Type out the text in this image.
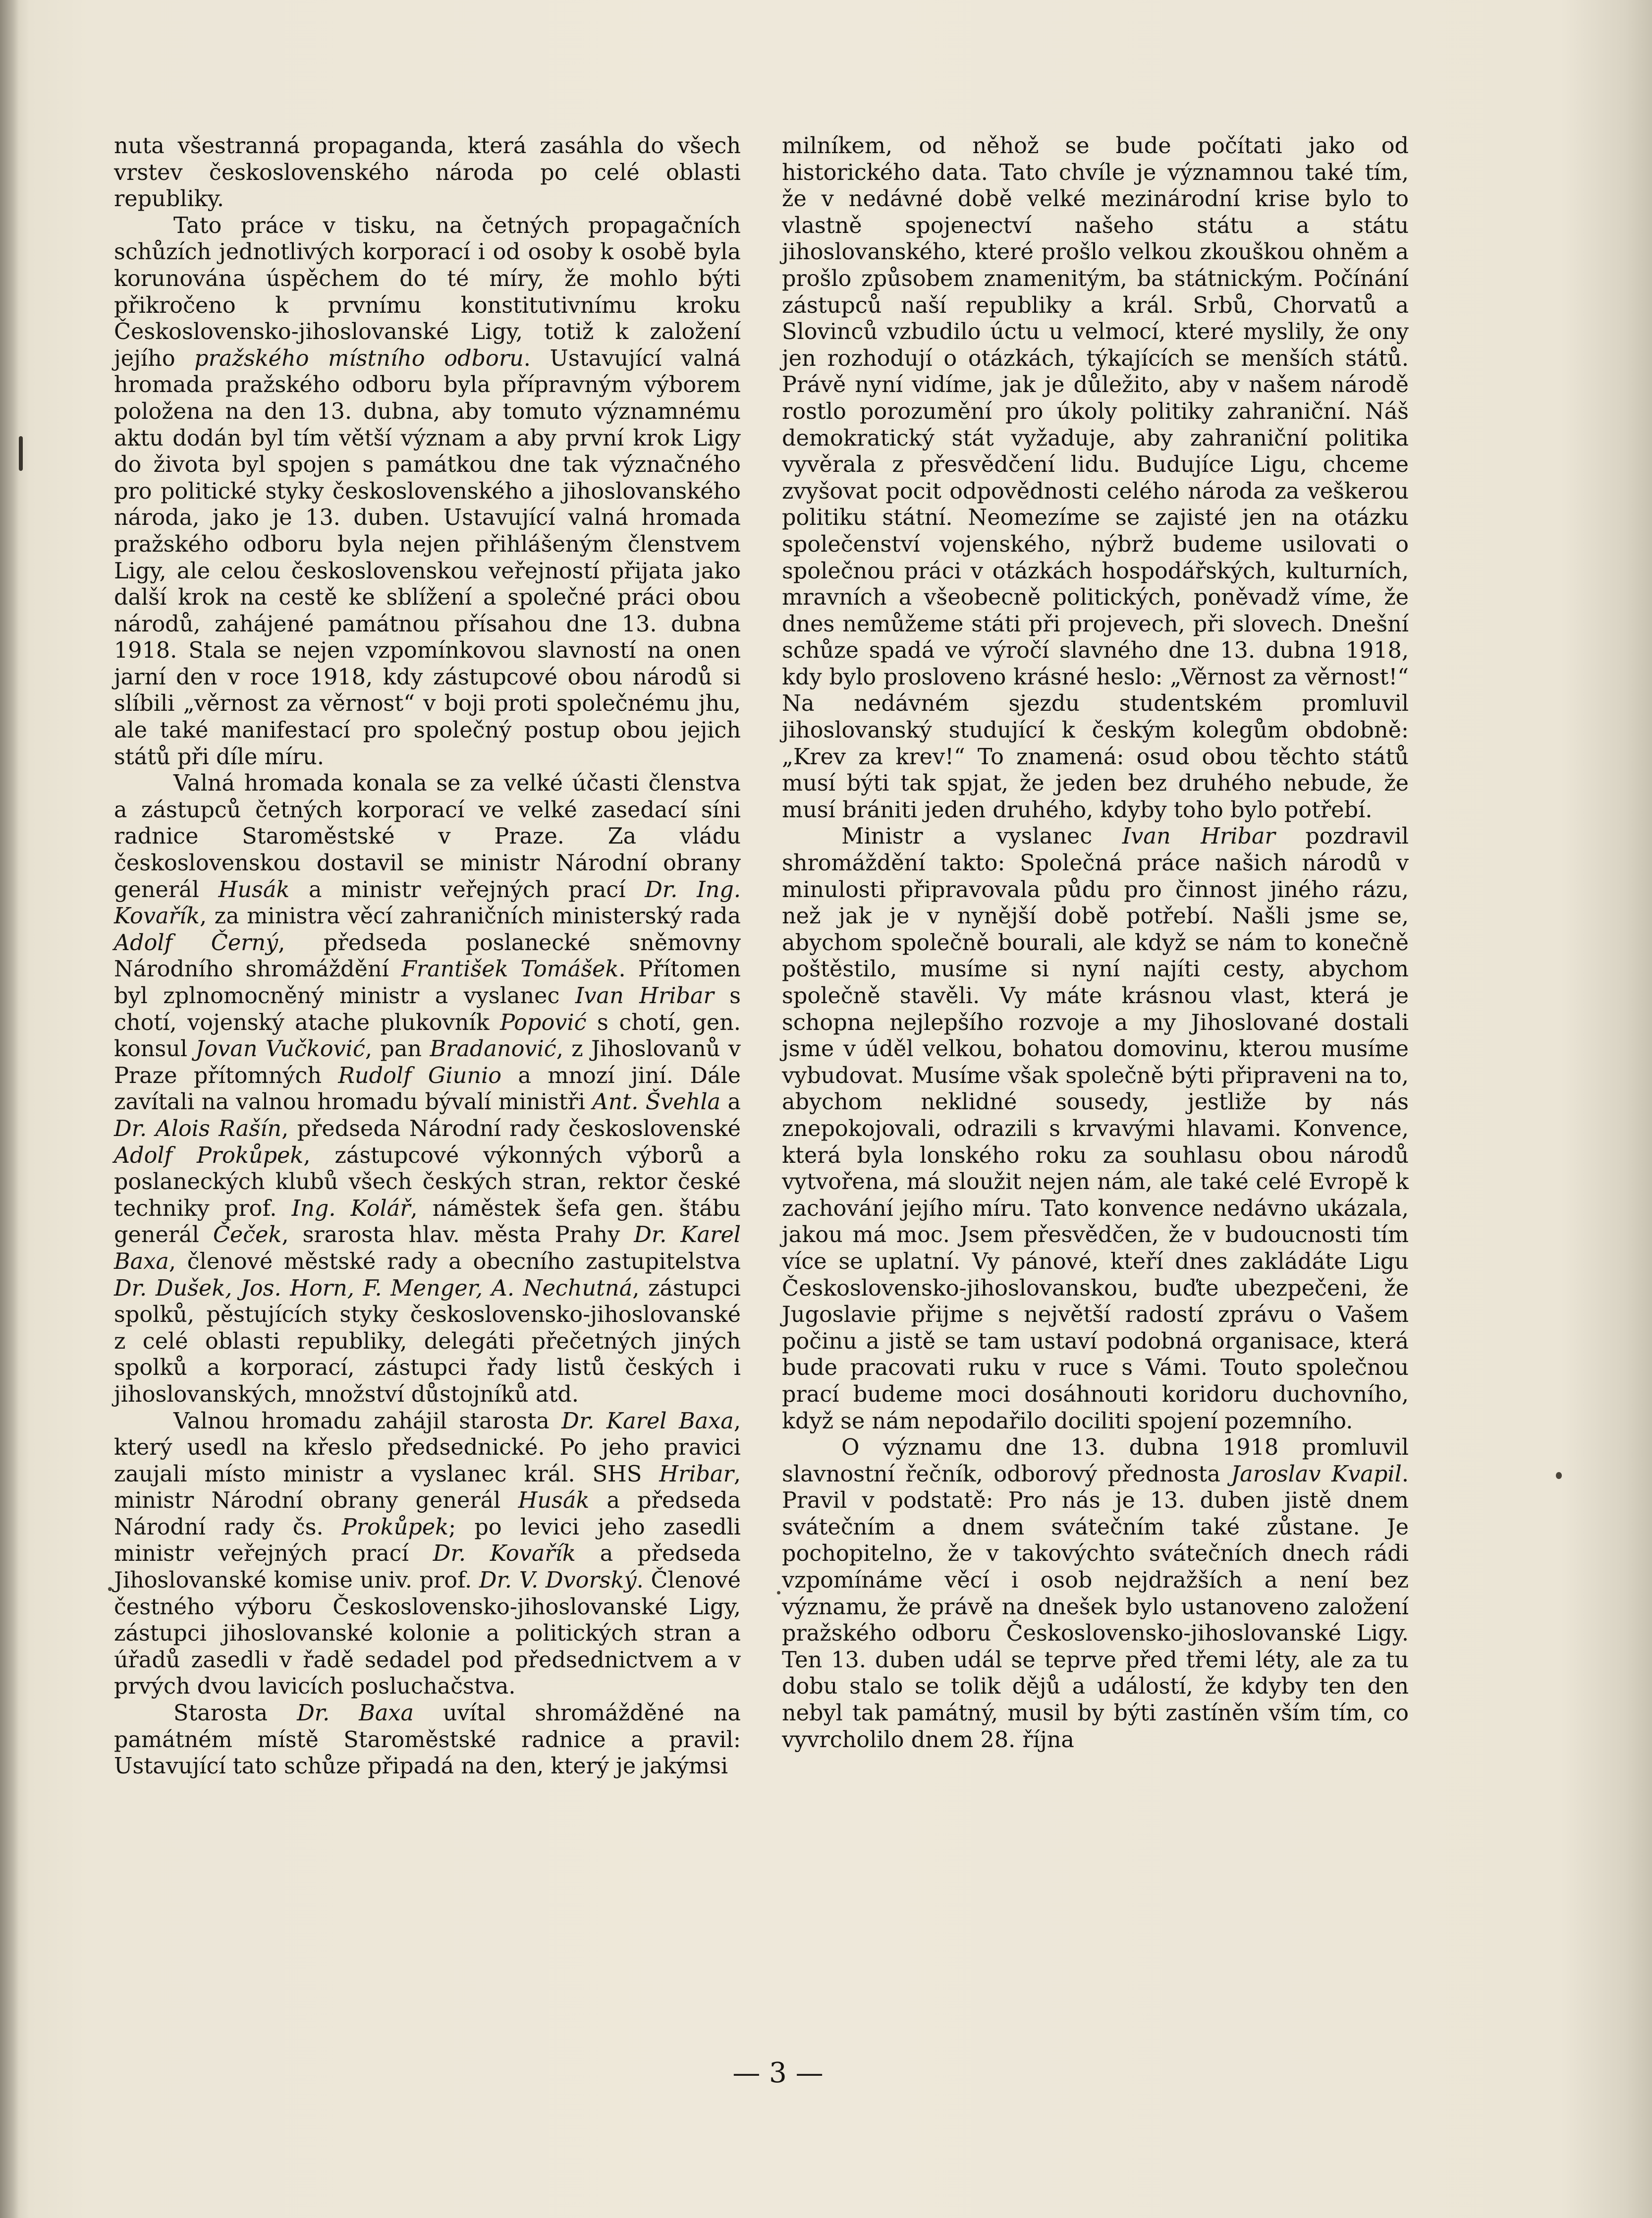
nuta všestranná propaganda, která zasáhla do všech vrstev československého národa po celé oblasti republiky.

Tato práce v tisku, na četných propagačních schůzích jednotlivých korporací i od osoby k osobě byla korunována úspěchem do té míry, že mohlo býti přikročeno k prvnímu konstitutivnímu kroku Československo-jihoslovanské Ligy, totiž k založení jejího pražského místního odboru. Ustavující valná hromada pražského odboru byla přípravným výborem položena na den 13. dubna, aby tomuto významnému aktu dodán byl tím větší význam a aby první krok Ligy do života byl spojen s památkou dne tak význačného pro politické styky československého a jihoslovanského národa, jako je 13. duben. Ustavující valná hromada pražského odboru byla nejen přihlášeným členstvem Ligy, ale celou československou veřejností přijata jako další krok na cestě ke sblížení a společné práci obou národů, zahájené památnou přísahou dne 13. dubna 1918. Stala se nejen vzpomínkovou slavností na onen jarní den v roce 1918, kdy zástupcové obou národů si slíbili „věrnost za věrnost“ v boji proti společnému jhu, ale také manifestací pro společný postup obou jejich států při díle míru.

Valná hromada konala se za velké účasti členstva a zástupců četných korporací ve velké zasedací síni radnice Staroměstské v Praze. Za vládu československou dostavil se ministr Národní obrany generál Husák a ministr veřejných prací Dr. Ing. Kovařík, za ministra věcí zahraničních ministerský rada Adolf Černý, předseda poslanecké sněmovny Národního shromáždění František Tomášek. Přítomen byl zplnomocněný ministr a vyslanec Ivan Hribar s chotí, vojenský atache plukovník Popović s chotí, gen. konsul Jovan Vučković, pan Bradanović, z Jihoslovanů v Praze přítomných Rudolf Giunio a mnozí jiní. Dále zavítali na valnou hromadu bývalí ministři Ant. Švehla a Dr. Alois Rašín, předseda Národní rady československé Adolf Prokůpek, zástupcové výkonných výborů a poslaneckých klubů všech českých stran, rektor české techniky prof. Ing. Kolář, náměstek šefa gen. štábu generál Čeček, srarosta hlav. města Prahy Dr. Karel Baxa, členové městské rady a obecního zastupitelstva Dr. Dušek, Jos. Horn, F. Menger, A. Nechutná, zástupci spolků, pěstujících styky československo-jihoslovanské z celé oblasti republiky, delegáti přečetných jiných spolků a korporací, zástupci řady listů českých i jihoslovanských, množství důstojníků atd.

Valnou hromadu zahájil starosta Dr. Karel Baxa, který usedl na křeslo předsednické. Po jeho pravici zaujali místo ministr a vyslanec král. SHS Hribar, ministr Národní obrany generál Husák a předseda Národní rady čs. Prokůpek; po levici jeho zasedli ministr veřejných prací Dr. Kovařík a předseda Jihoslovanské komise univ. prof. Dr. V. Dvorský. Členové čestného výboru Československo-jihoslovanské Ligy, zástupci jihoslovanské kolonie a politických stran a úřadů zasedli v řadě sedadel pod předsednictvem a v prvých dvou lavicích posluchačstva.

Starosta Dr. Baxa uvítal shromážděné na památném místě Staroměstské radnice a pravil: Ustavující tato schůze připadá na den, který je jakýmsi

milníkem, od něhož se bude počítati jako od historického data. Tato chvíle je významnou také tím, že v nedávné době velké mezinárodní krise bylo to vlastně spojenectví našeho státu a státu jihoslovanského, které prošlo velkou zkouškou ohněm a prošlo způsobem znamenitým, ba státnickým. Počínání zástupců naší republiky a král. Srbů, Chorvatů a Slovinců vzbudilo úctu u velmocí, které myslily, že ony jen rozhodují o otázkách, týkajících se menších států. Právě nyní vidíme, jak je důležito, aby v našem národě rostlo porozumění pro úkoly politiky zahraniční. Náš demokratický stát vyžaduje, aby zahraniční politika vyvěrala z přesvědčení lidu. Budujíce Ligu, chceme zvyšovat pocit odpovědnosti celého národa za veškerou politiku státní. Neomezíme se zajisté jen na otázku společenství vojenského, nýbrž budeme usilovati o společnou práci v otázkách hospodářských, kulturních, mravních a všeobecně politických, poněvadž víme, že dnes nemůžeme státi při projevech, při slovech. Dnešní schůze spadá ve výročí slavného dne 13. dubna 1918, kdy bylo prosloveno krásné heslo: „Věrnost za věrnost!“ Na nedávném sjezdu studentském promluvil jihoslovanský studující k českým kolegům obdobně: „Krev za krev!“ To znamená: osud obou těchto států musí býti tak spjat, že jeden bez druhého nebude, že musí brániti jeden druhého, kdyby toho bylo potřebí.

Ministr a vyslanec Ivan Hribar pozdravil shromáždění takto: Společná práce našich národů v minulosti připravovala půdu pro činnost jiného rázu, než jak je v nynější době potřebí. Našli jsme se, abychom společně bourali, ale když se nám to konečně poštěstilo, musíme si nyní najíti cesty, abychom společně stavěli. Vy máte krásnou vlast, která je schopna nejlepšího rozvoje a my Jihoslované dostali jsme v úděl velkou, bohatou domovinu, kterou musíme vybudovat. Musíme však společně býti připraveni na to, abychom neklidné sousedy, jestliže by nás znepokojovali, odrazili s krvavými hlavami. Konvence, která byla lonského roku za souhlasu obou národů vytvořena, má sloužit nejen nám, ale také celé Evropě k zachování jejího míru. Tato konvence nedávno ukázala, jakou má moc. Jsem přesvědčen, že v budoucnosti tím více se uplatní. Vy pánové, kteří dnes zakládáte Ligu Československo-jihoslovanskou, buďte ubezpečeni, že Jugoslavie přijme s největší radostí zprávu o Vašem počinu a jistě se tam ustaví podobná organisace, která bude pracovati ruku v ruce s Vámi. Touto společnou prací budeme moci dosáhnouti koridoru duchovního, když se nám nepodařilo dociliti spojení pozemního.

O významu dne 13. dubna 1918 promluvil slavnostní řečník, odborový přednosta Jaroslav Kvapil. Pravil v podstatě: Pro nás je 13. duben jistě dnem svátečním a dnem svátečním také zůstane. Je pochopitelno, že v takovýchto svátečních dnech rádi vzpomínáme věcí i osob nejdražších a není bez významu, že právě na dnešek bylo ustanoveno založení pražského odboru Československo-jihoslovanské Ligy. Ten 13. duben udál se teprve před třemi léty, ale za tu dobu stalo se tolik dějů a událostí, že kdyby ten den nebyl tak památný, musil by býti zastíněn vším tím, co vyvrcholilo dnem 28. října

— 3 —
